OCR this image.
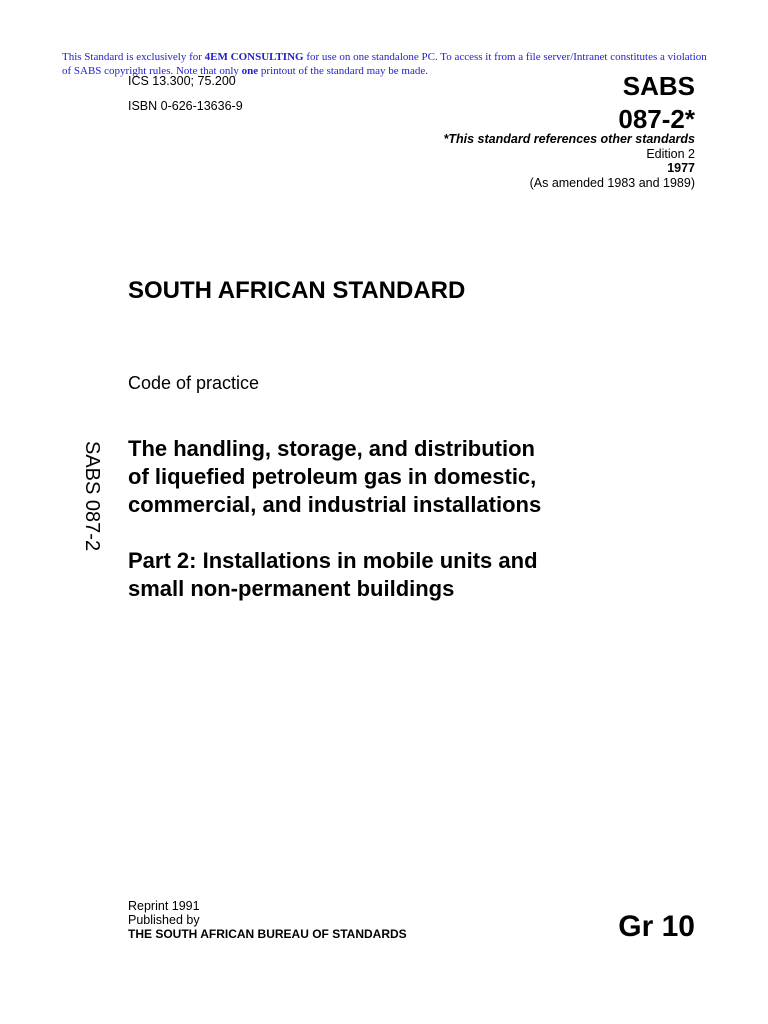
This Standard is exclusively for 4EM CONSULTING for use on one standalone PC. To access it from a file server/Intranet constitutes a violation of SABS copyright rules. Note that only one printout of the standard may be made.
ICS 13.300; 75.200
ISBN 0-626-13636-9
SABS
087-2*
*This standard references other standards
Edition 2
1977
(As amended 1983 and 1989)
SOUTH AFRICAN STANDARD
Code of practice
The handling, storage, and distribution
of liquefied petroleum gas in domestic,
commercial, and industrial installations
Part 2: Installations in mobile units and
small non-permanent buildings
SABS 087-2
Reprint 1991
Published by
THE SOUTH AFRICAN BUREAU OF STANDARDS	Gr 10
